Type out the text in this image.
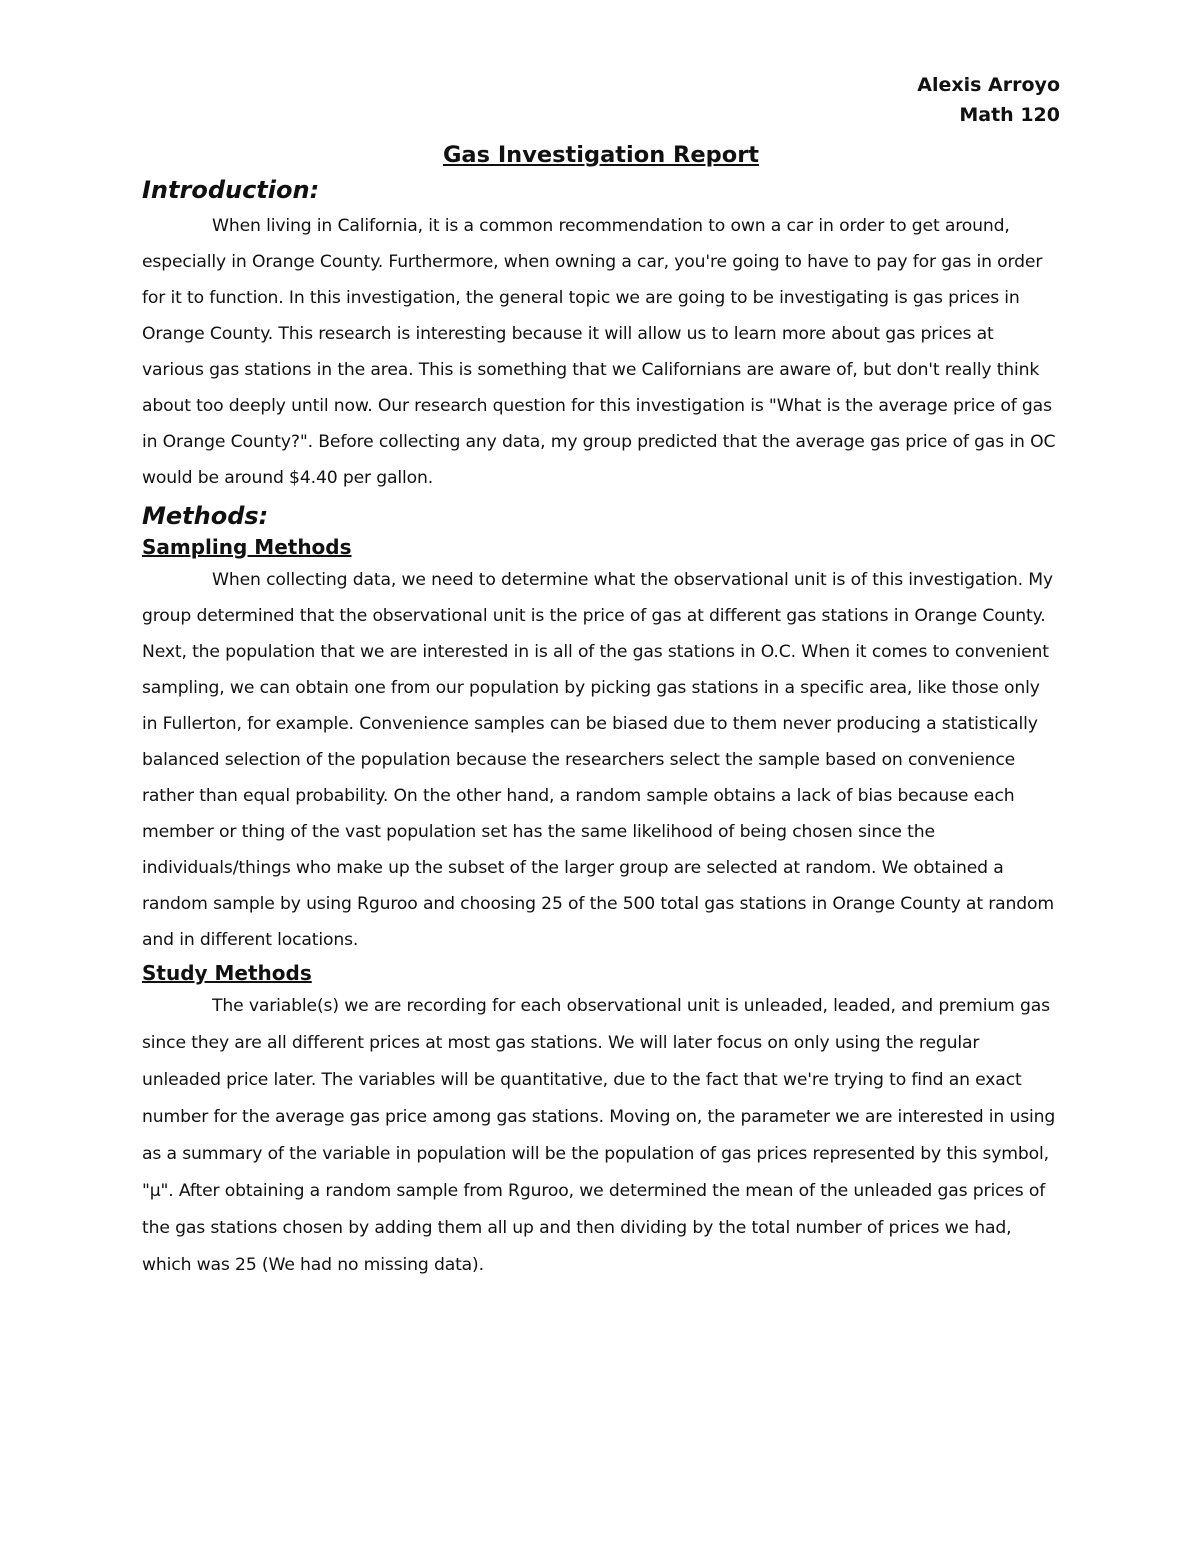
Alexis Arroyo
Math 120
Gas Investigation Report
Introduction:

When living in California, it is a common recommendation to own a car in order to get around, especially in Orange County. Furthermore, when owning a car, you're going to have to pay for gas in order for it to function. In this investigation, the general topic we are going to be investigating is gas prices in Orange County. This research is interesting because it will allow us to learn more about gas prices at various gas stations in the area. This is something that we Californians are aware of, but don't really think about too deeply until now. Our research question for this investigation is "What is the average price of gas in Orange County?". Before collecting any data, my group predicted that the average gas price of gas in OC would be around $4.40 per gallon.

Methods:
Sampling Methods

When collecting data, we need to determine what the observational unit is of this investigation. My group determined that the observational unit is the price of gas at different gas stations in Orange County. Next, the population that we are interested in is all of the gas stations in O.C. When it comes to convenient sampling, we can obtain one from our population by picking gas stations in a specific area, like those only in Fullerton, for example. Convenience samples can be biased due to them never producing a statistically balanced selection of the population because the researchers select the sample based on convenience rather than equal probability. On the other hand, a random sample obtains a lack of bias because each member or thing of the vast population set has the same likelihood of being chosen since the individuals/things who make up the subset of the larger group are selected at random. We obtained a random sample by using Rguroo and choosing 25 of the 500 total gas stations in Orange County at random and in different locations.

Study Methods

The variable(s) we are recording for each observational unit is unleaded, leaded, and premium gas since they are all different prices at most gas stations. We will later focus on only using the regular unleaded price later. The variables will be quantitative, due to the fact that we're trying to find an exact number for the average gas price among gas stations. Moving on, the parameter we are interested in using as a summary of the variable in population will be the population of gas prices represented by this symbol, "μ". After obtaining a random sample from Rguroo, we determined the mean of the unleaded gas prices of the gas stations chosen by adding them all up and then dividing by the total number of prices we had, which was 25 (We had no missing data).
